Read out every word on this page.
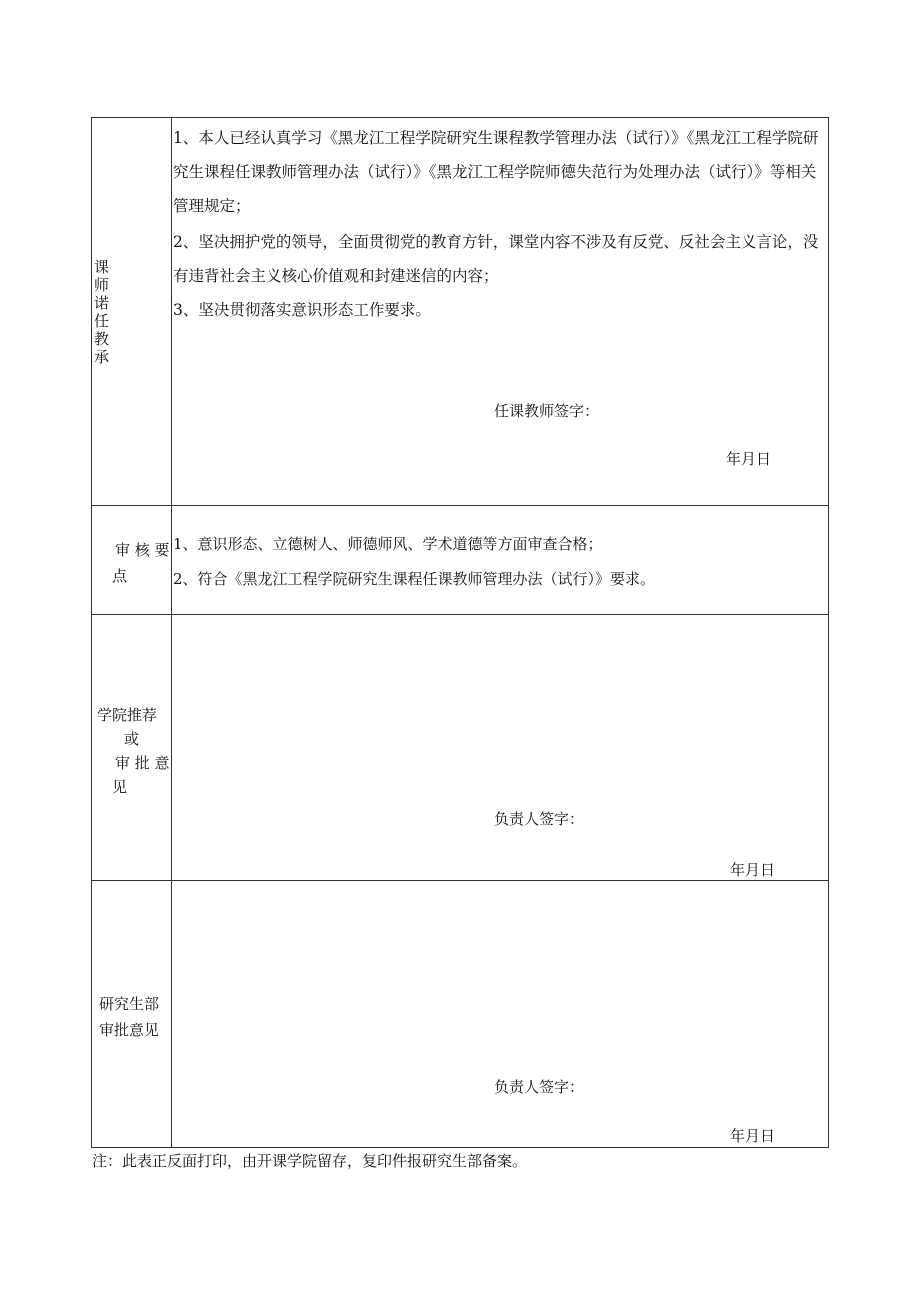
课
师
诺
任
教
承
1、本人已经认真学习《黑龙江工程学院研究生课程教学管理办法（试行）》《黑龙江工程学院研究生课程任课教师管理办法（试行）》《黑龙江工程学院师德失范行为处理办法（试行）》等相关管理规定；
2、坚决拥护党的领导，全面贯彻党的教育方针，课堂内容不涉及有反党、反社会主义言论，没有违背社会主义核心价值观和封建迷信的内容；
3、坚决贯彻落实意识形态工作要求。
任课教师签字：
年月日
审 核 要
点
1、意识形态、立德树人、师德师风、学术道德等方面审查合格；
2、符合《黑龙江工程学院研究生课程任课教师管理办法（试行）》要求。
学院推荐
或
审 批 意
见
负责人签字：
年月日
研究生部
审批意见
负责人签字：
年月日
注：此表正反面打印，由开课学院留存，复印件报研究生部备案。
